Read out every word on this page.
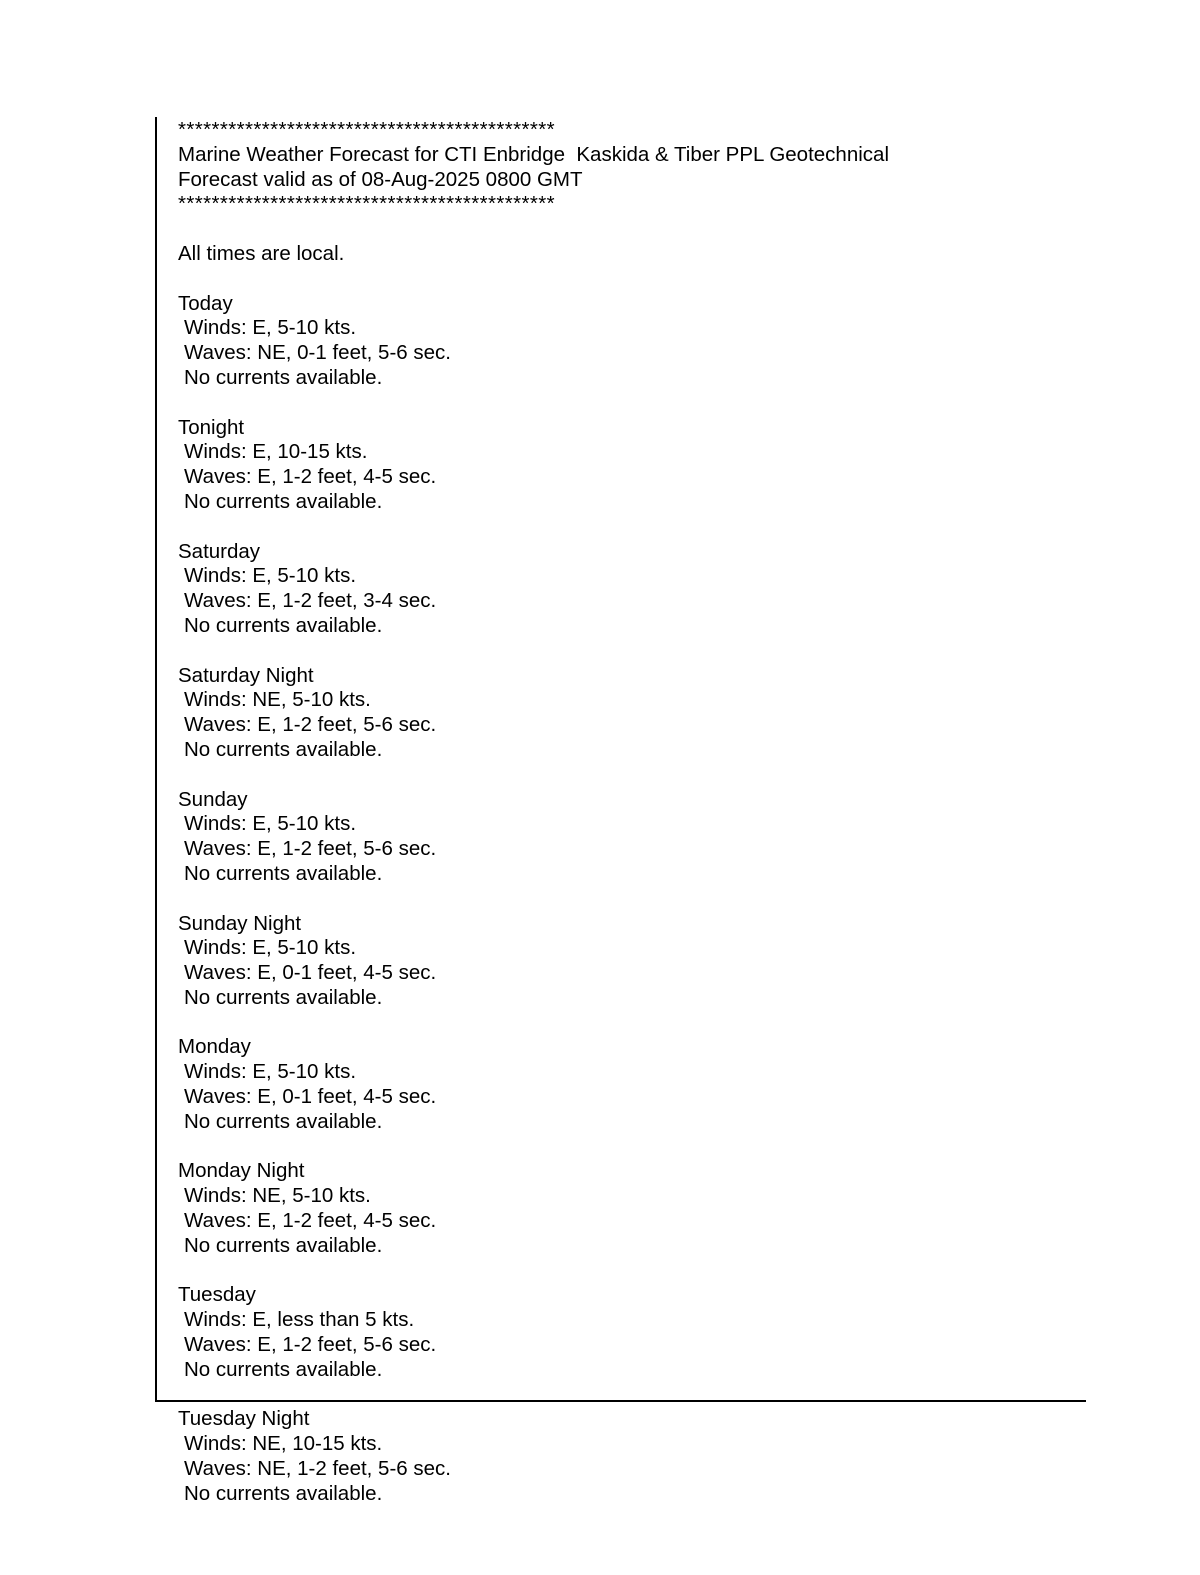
*********************************************
Marine Weather Forecast for CTI Enbridge  Kaskida & Tiber PPL Geotechnical
Forecast valid as of 08-Aug-2025 0800 GMT
*********************************************
All times are local.
Today
Winds: E, 5-10 kts.
Waves: NE, 0-1 feet, 5-6 sec.
No currents available.
Tonight
Winds: E, 10-15 kts.
Waves: E, 1-2 feet, 4-5 sec.
No currents available.
Saturday
Winds: E, 5-10 kts.
Waves: E, 1-2 feet, 3-4 sec.
No currents available.
Saturday Night
Winds: NE, 5-10 kts.
Waves: E, 1-2 feet, 5-6 sec.
No currents available.
Sunday
Winds: E, 5-10 kts.
Waves: E, 1-2 feet, 5-6 sec.
No currents available.
Sunday Night
Winds: E, 5-10 kts.
Waves: E, 0-1 feet, 4-5 sec.
No currents available.
Monday
Winds: E, 5-10 kts.
Waves: E, 0-1 feet, 4-5 sec.
No currents available.
Monday Night
Winds: NE, 5-10 kts.
Waves: E, 1-2 feet, 4-5 sec.
No currents available.
Tuesday
Winds: E, less than 5 kts.
Waves: E, 1-2 feet, 5-6 sec.
No currents available.
Tuesday Night
Winds: NE, 10-15 kts.
Waves: NE, 1-2 feet, 5-6 sec.
No currents available.
